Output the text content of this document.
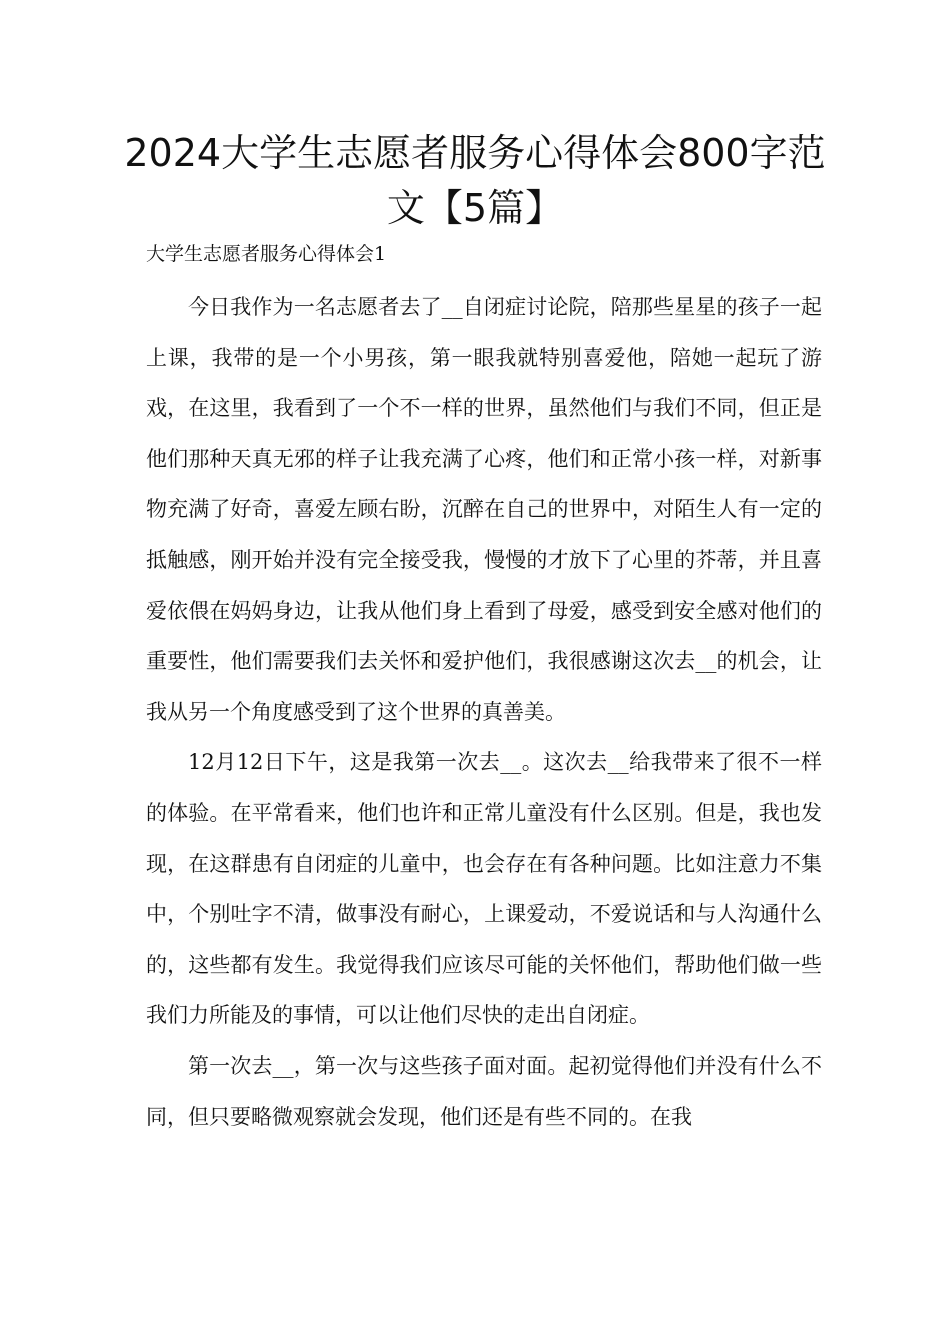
2024大学生志愿者服务心得体会800字范文【5篇】

大学生志愿者服务心得体会1

今日我作为一名志愿者去了__自闭症讨论院，陪那些星星的孩子一起上课，我带的是一个小男孩，第一眼我就特别喜爱他，陪她一起玩了游戏，在这里，我看到了一个不一样的世界，虽然他们与我们不同，但正是他们那种天真无邪的样子让我充满了心疼，他们和正常小孩一样，对新事物充满了好奇，喜爱左顾右盼，沉醉在自己的世界中，对陌生人有一定的抵触感，刚开始并没有完全接受我，慢慢的才放下了心里的芥蒂，并且喜爱依偎在妈妈身边，让我从他们身上看到了母爱，感受到安全感对他们的重要性，他们需要我们去关怀和爱护他们，我很感谢这次去__的机会，让我从另一个角度感受到了这个世界的真善美。

12月12日下午，这是我第一次去__。这次去__给我带来了很不一样的体验。在平常看来，他们也许和正常儿童没有什么区别。但是，我也发现，在这群患有自闭症的儿童中，也会存在有各种问题。比如注意力不集中，个别吐字不清，做事没有耐心，上课爱动，不爱说话和与人沟通什么的，这些都有发生。我觉得我们应该尽可能的关怀他们，帮助他们做一些我们力所能及的事情，可以让他们尽快的走出自闭症。

第一次去__，第一次与这些孩子面对面。起初觉得他们并没有什么不同，但只要略微观察就会发现，他们还是有些不同的。在我
